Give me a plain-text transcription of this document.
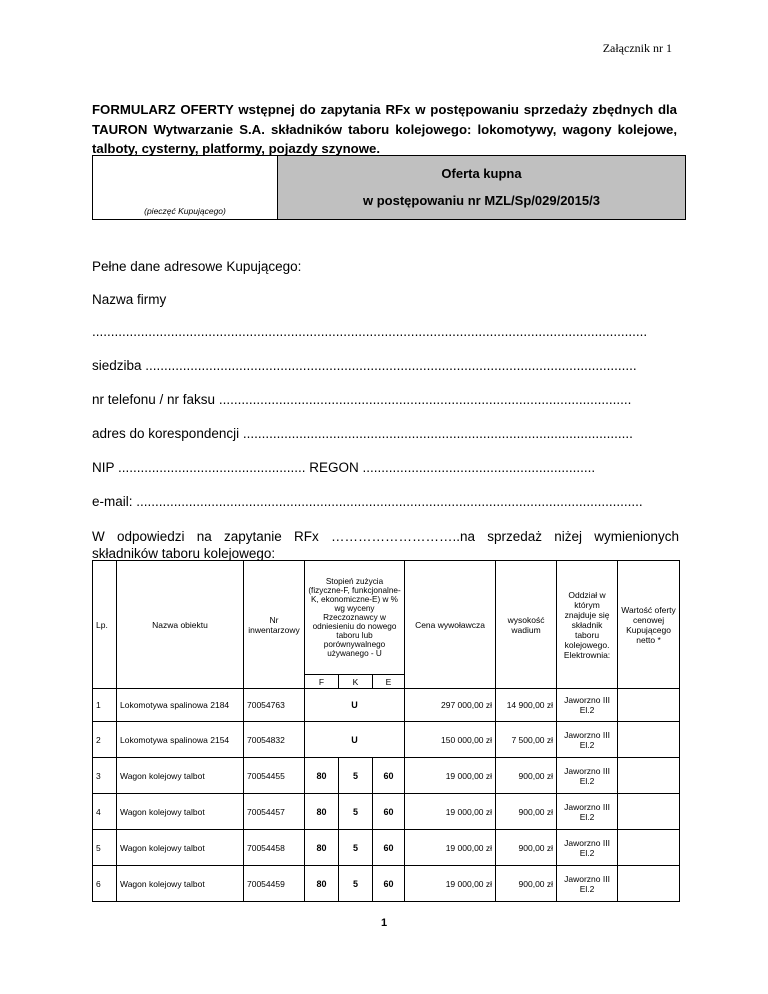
Załącznik nr 1
FORMULARZ OFERTY wstępnej do zapytania RFx w postępowaniu sprzedaży zbędnych dla TAURON Wytwarzanie S.A. składników taboru kolejowego: lokomotywy, wagony kolejowe, talboty, cysterny, platformy, pojazdy szynowe.
(pieczęć Kupującego)
Oferta kupna
w postępowaniu nr MZL/Sp/029/2015/3
Pełne dane adresowe Kupującego:
Nazwa firmy
....................................................................................................................................................
siedziba ...................................................................................................................................
nr telefonu / nr faksu ..............................................................................................................
adres do korespondencji ........................................................................................................
NIP .................................................. REGON ..............................................................
e-mail: .......................................................................................................................................
W odpowiedzi na zapytanie RFx ………………………..na sprzedaż niżej wymienionych składników taboru kolejowego:
Lp.	Nazwa obiektu	Nr inwentarzowy	Stopień zużycia (fizyczne-F, funkcjonalne-K, ekonomiczne-E) w % wg wyceny Rzeczoznawcy w odniesieniu do nowego taboru lub porównywalnego używanego - U			Cena wywoławcza	wysokość wadium	Oddział w którym znajduje się składnik taboru kolejowego. Elektrownia:	Wartość oferty cenowej Kupującego netto *
			F	K	E				
1	Lokomotywa spalinowa 2184	70054763	U			297 000,00 zł	14 900,00 zł	Jaworzno III El.2	
2	Lokomotywa spalinowa 2154	70054832	U			150 000,00 zł	7 500,00 zł	Jaworzno III El.2	
3	Wagon kolejowy talbot	70054455	80	5	60	19 000,00 zł	900,00 zł	Jaworzno III El.2	
4	Wagon kolejowy talbot	70054457	80	5	60	19 000,00 zł	900,00 zł	Jaworzno III El.2	
5	Wagon kolejowy talbot	70054458	80	5	60	19 000,00 zł	900,00 zł	Jaworzno III El.2	
6	Wagon kolejowy talbot	70054459	80	5	60	19 000,00 zł	900,00 zł	Jaworzno III El.2	
1
